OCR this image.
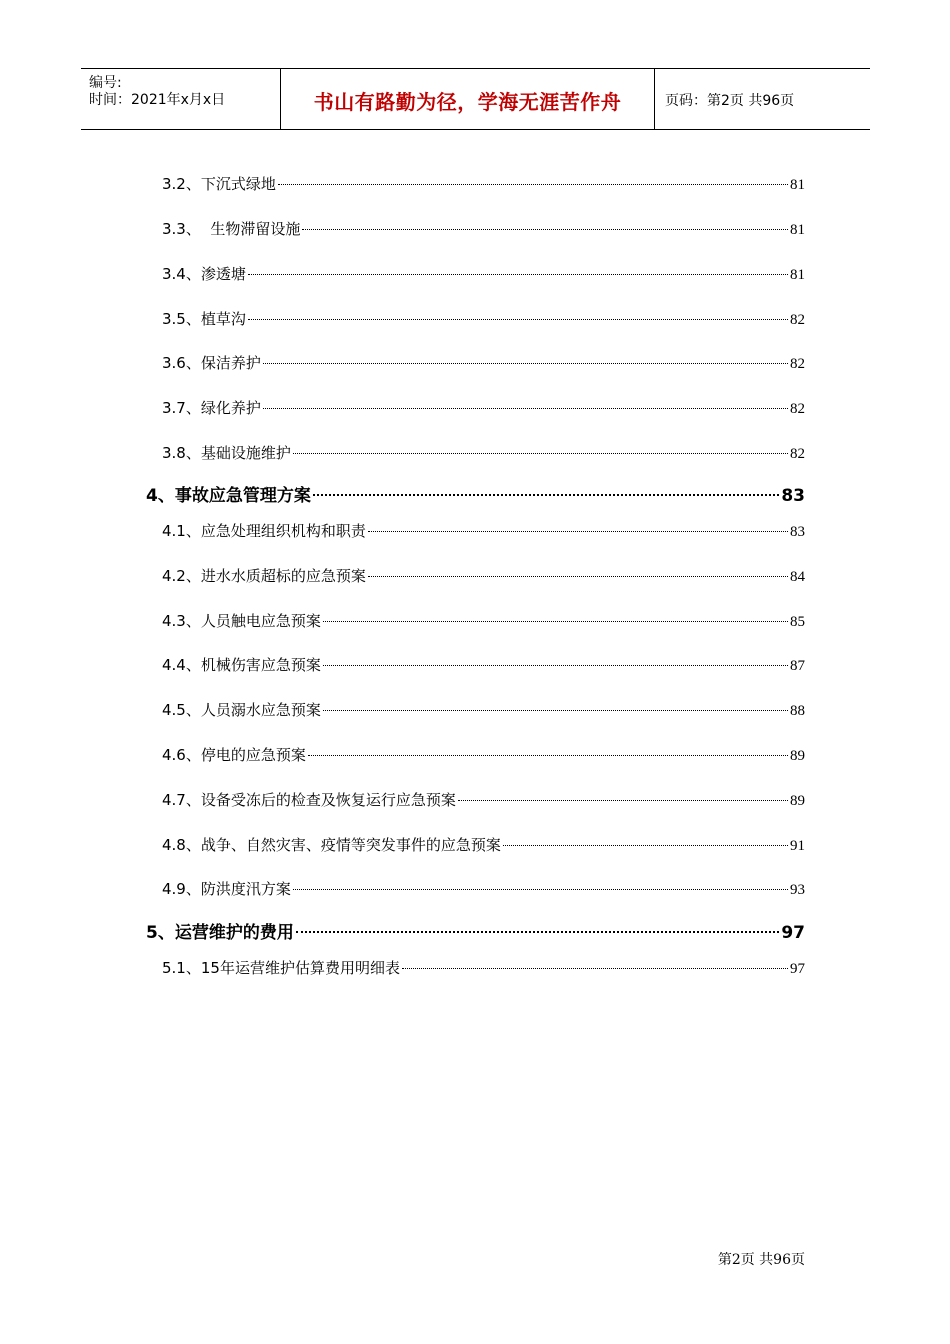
编号:
时间：2021年x月x日	书山有路勤为径，学海无涯苦作舟	页码：第2页 共96页
3.2、下沉式绿地	81
3.3、  生物滞留设施	81
3.4、渗透塘	81
3.5、植草沟	82
3.6、保洁养护	82
3.7、绿化养护	82
3.8、基础设施维护	82
4、事故应急管理方案	83
4.1、应急处理组织机构和职责	83
4.2、进水水质超标的应急预案	84
4.3、人员触电应急预案	85
4.4、机械伤害应急预案	87
4.5、人员溺水应急预案	88
4.6、停电的应急预案	89
4.7、设备受冻后的检查及恢复运行应急预案	89
4.8、战争、自然灾害、疫情等突发事件的应急预案	91
4.9、防洪度汛方案	93
5、运营维护的费用	97
5.1、15年运营维护估算费用明细表	97
第2页 共96页
